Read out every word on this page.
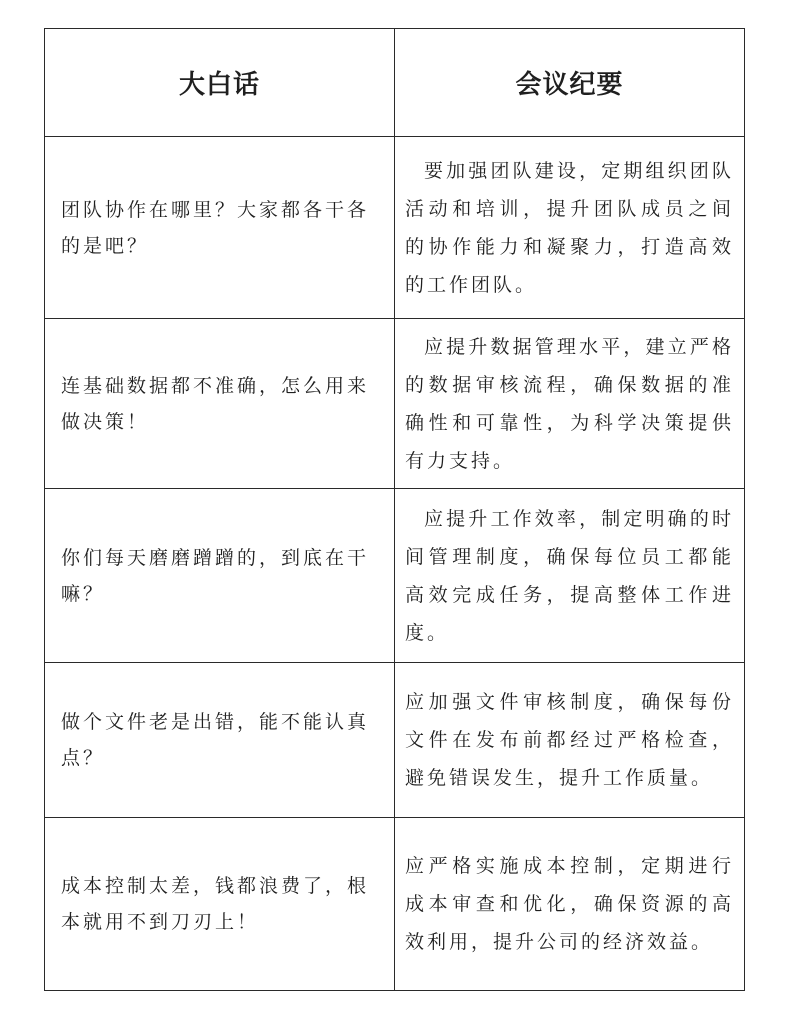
大白话	会议纪要
团队协作在哪里？大家都各干各的是吧？	要加强团队建设，定期组织团队活动和培训，提升团队成员之间的协作能力和凝聚力，打造高效的工作团队。

连基础数据都不准确，怎么用来做决策！	应提升数据管理水平，建立严格的数据审核流程，确保数据的准确性和可靠性，为科学决策提供有力支持。

你们每天磨磨蹭蹭的，到底在干嘛？	应提升工作效率，制定明确的时间管理制度，确保每位员工都能高效完成任务，提高整体工作进度。

做个文件老是出错，能不能认真点？	应加强文件审核制度，确保每份文件在发布前都经过严格检查，避免错误发生，提升工作质量。
成本控制太差，钱都浪费了，根本就用不到刀刃上！	应严格实施成本控制，定期进行成本审查和优化，确保资源的高效利用，提升公司的经济效益。
